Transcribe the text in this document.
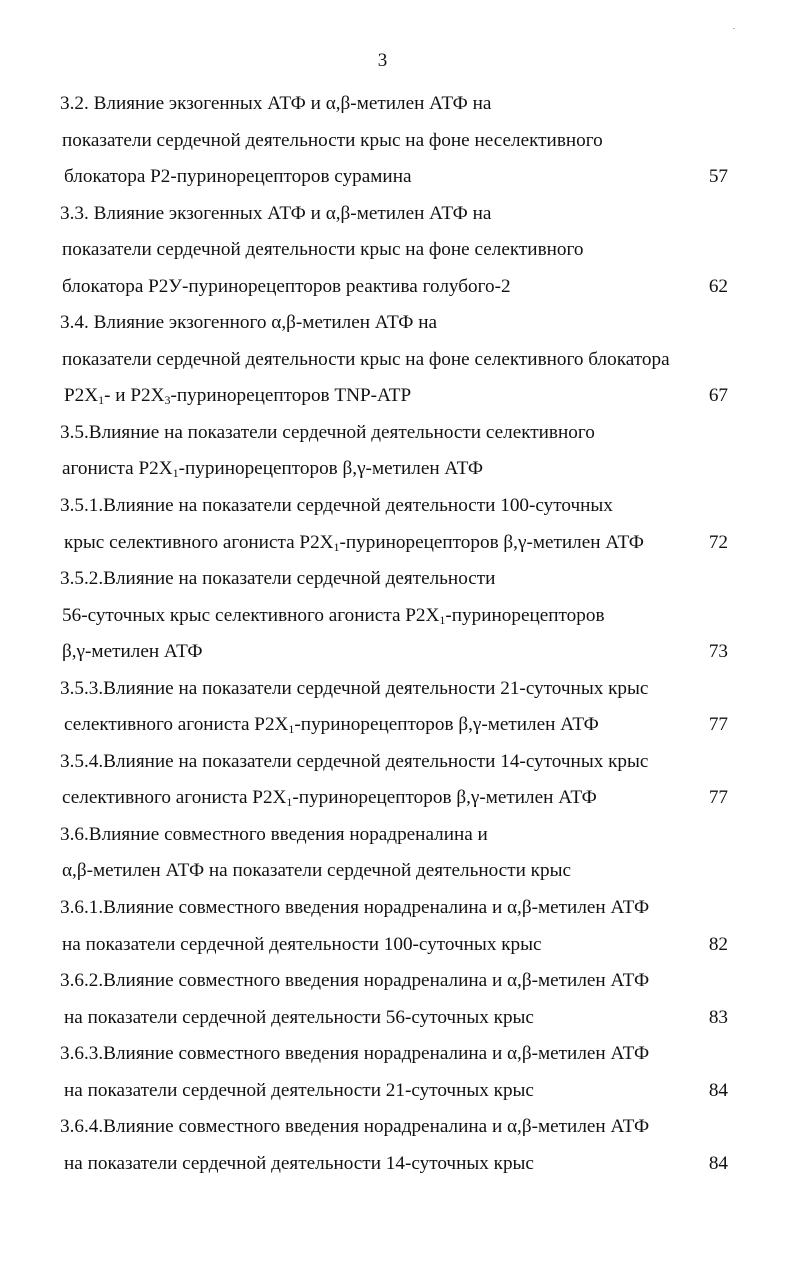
3
3.2. Влияние экзогенных АТФ и α,β-метилен АТФ на
показатели сердечной деятельности крыс на фоне неселективного
блокатора P2-пуринорецепторов сурамина	57
3.3. Влияние экзогенных АТФ и α,β-метилен АТФ на
показатели сердечной деятельности крыс на фоне селективного
блокатора P2У-пуринорецепторов реактива голубого-2	62
3.4. Влияние экзогенного α,β-метилен АТФ на
показатели сердечной деятельности крыс на фоне селективного блокатора
$P2X_1-$ и $P2X_3$-пуринорецепторов TNP-ATP	67
3.5.Влияние на показатели сердечной деятельности селективного
агониста $P2X_1$-пуринорецепторов β,γ-метилен АТФ
3.5.1.Влияние на показатели сердечной деятельности 100-суточных
крыс селективного агониста $P2X_1$-пуринорецепторов β,γ-метилен АТФ	72
3.5.2.Влияние на показатели сердечной деятельности
56-суточных крыс селективного агониста $P2X_1$-пуринорецепторов
β,γ-метилен АТФ	73
3.5.3.Влияние на показатели сердечной деятельности 21-суточных крыс
селективного агониста $P2X_1$-пуринорецепторов β,γ-метилен АТФ	77
3.5.4.Влияние на показатели сердечной деятельности 14-суточных крыс
селективного агониста $P2X_1$-пуринорецепторов β,γ-метилен АТФ	77
3.6.Влияние совместного введения норадреналина и
α,β-метилен АТФ на показатели сердечной деятельности крыс
3.6.1.Влияние совместного введения норадреналина и α,β-метилен АТФ
на показатели сердечной деятельности 100-суточных крыс	82
3.6.2.Влияние совместного введения норадреналина и α,β-метилен АТФ
на показатели сердечной деятельности 56-суточных крыс	83
3.6.3.Влияние совместного введения норадреналина и α,β-метилен АТФ
на показатели сердечной деятельности 21-суточных крыс	84
3.6.4.Влияние совместного введения норадреналина и α,β-метилен АТФ
на показатели сердечной деятельности 14-суточных крыс	84
